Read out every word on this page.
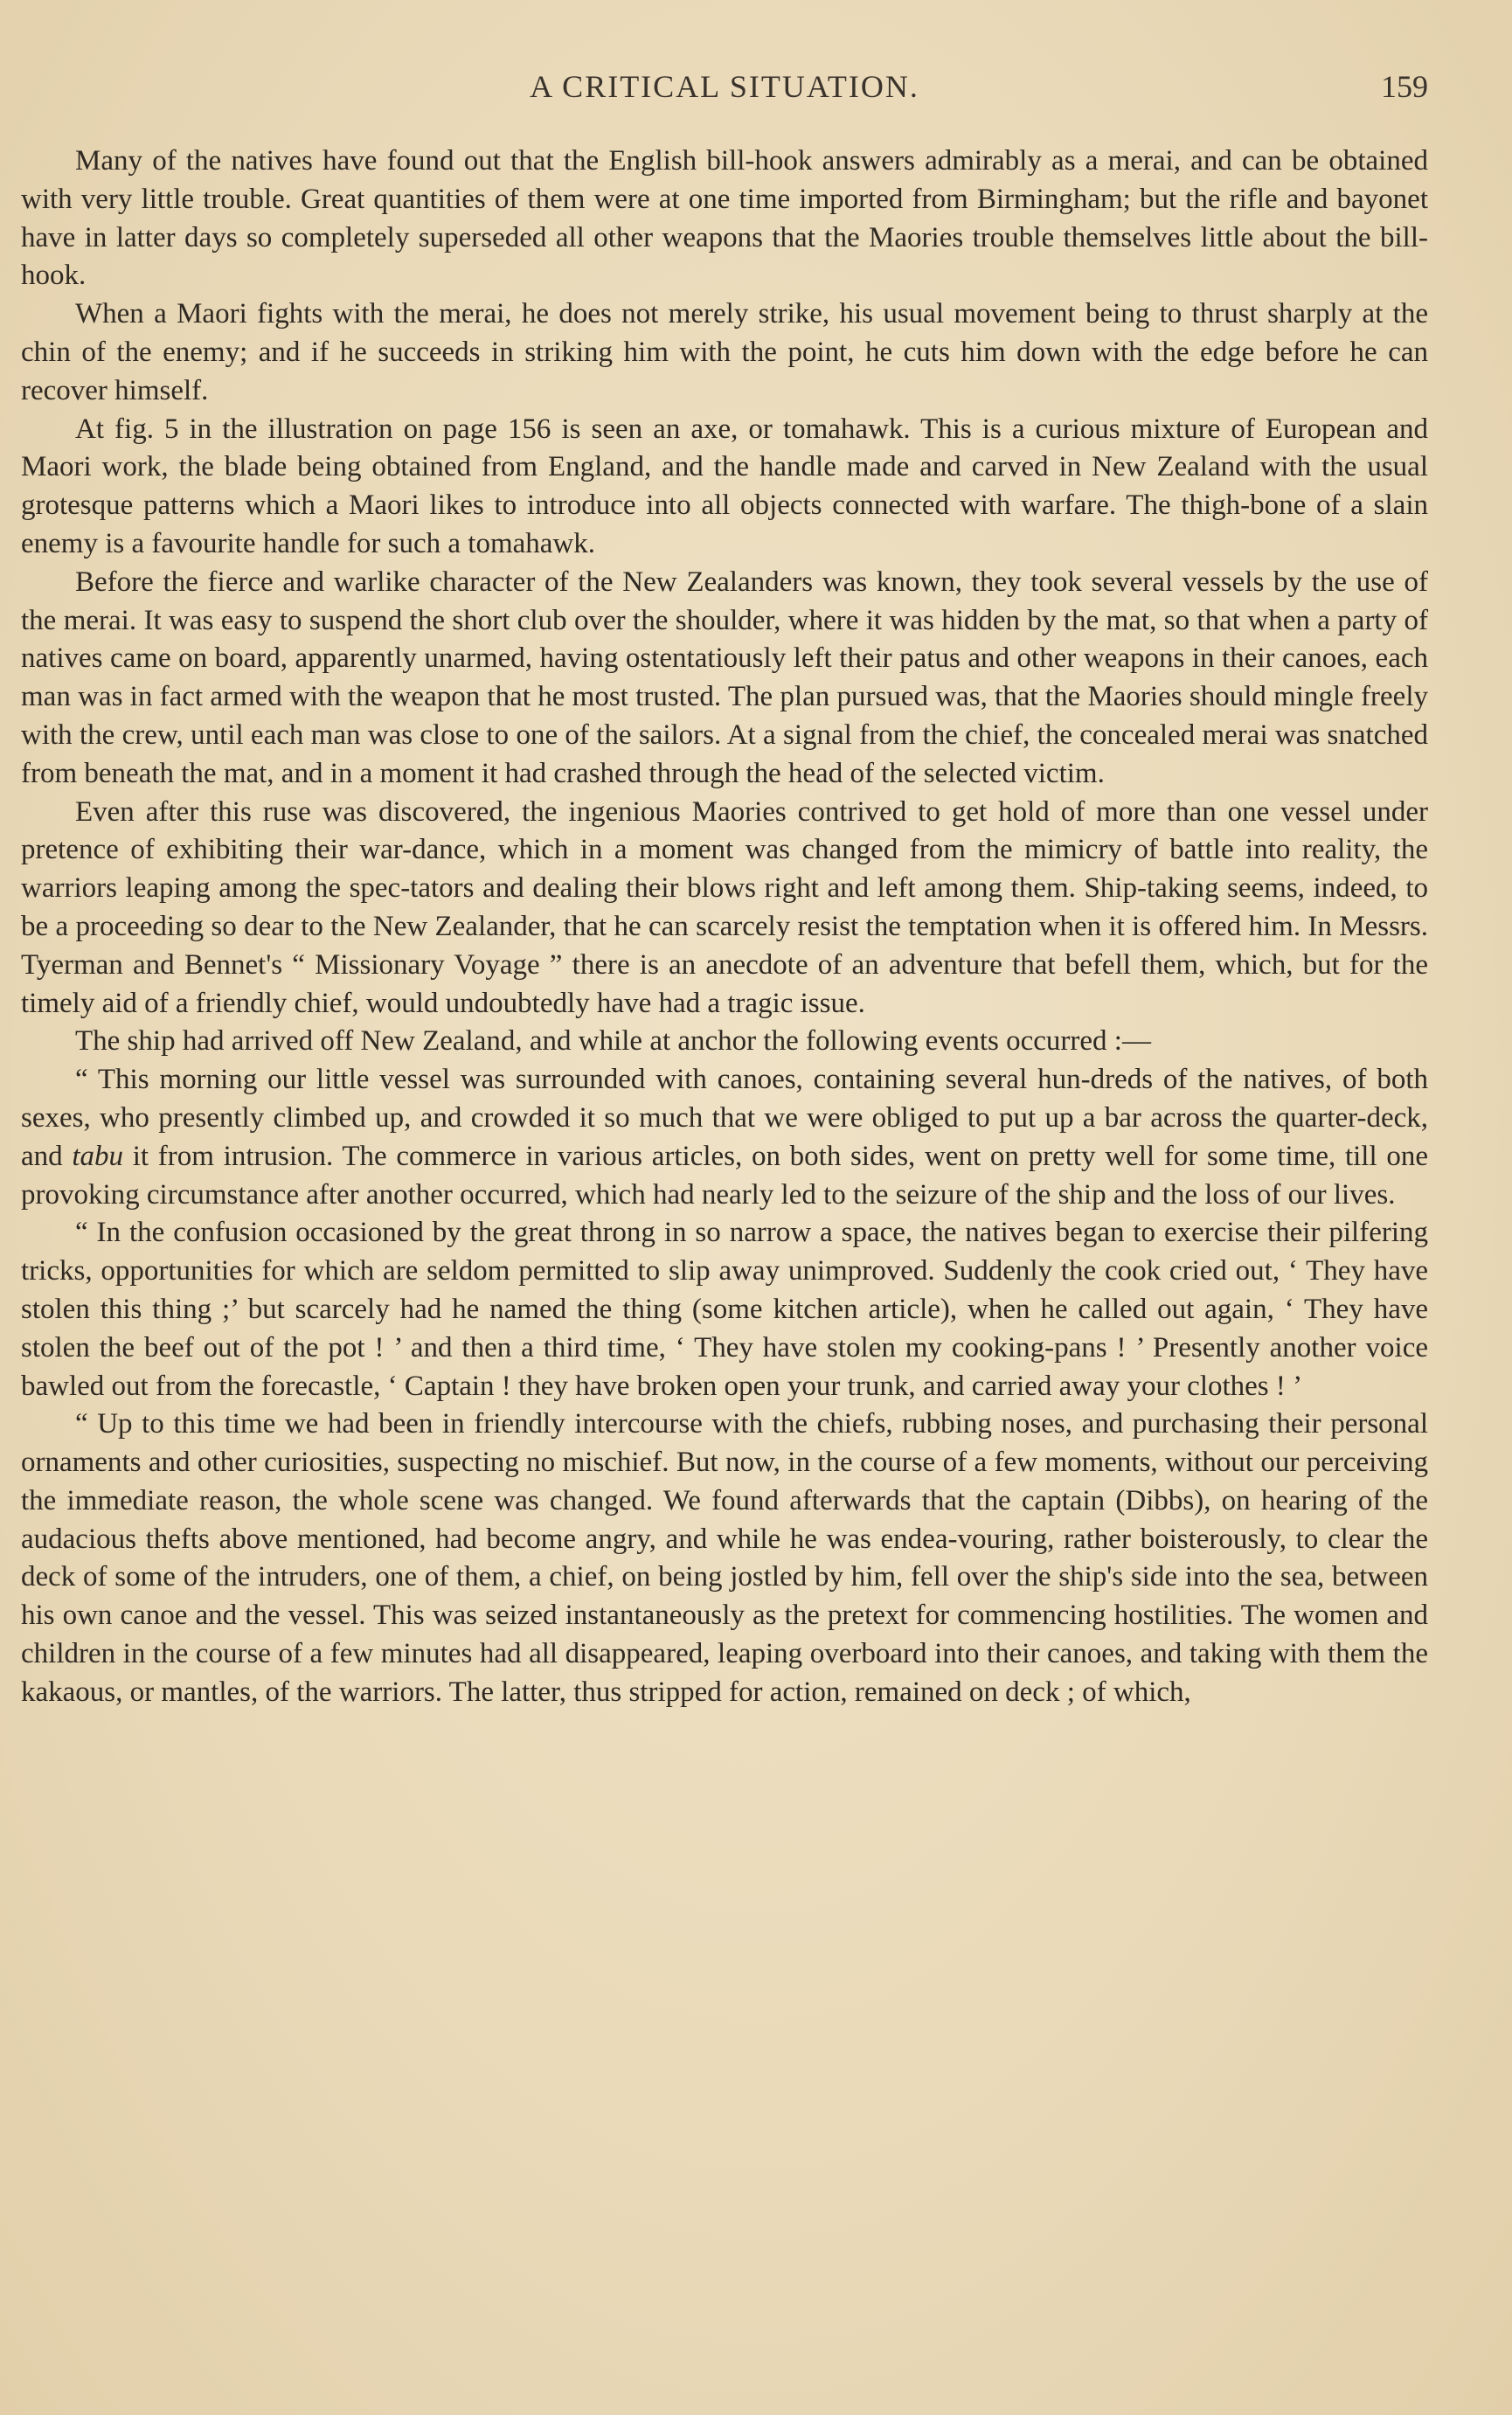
A CRITICAL SITUATION.	159

Many of the natives have found out that the English bill-hook answers admirably as a merai, and can be obtained with very little trouble. Great quantities of them were at one time imported from Birmingham; but the rifle and bayonet have in latter days so completely superseded all other weapons that the Maories trouble themselves little about the bill-hook.

When a Maori fights with the merai, he does not merely strike, his usual movement being to thrust sharply at the chin of the enemy; and if he succeeds in striking him with the point, he cuts him down with the edge before he can recover himself.

At fig. 5 in the illustration on page 156 is seen an axe, or tomahawk. This is a curious mixture of European and Maori work, the blade being obtained from England, and the handle made and carved in New Zealand with the usual grotesque patterns which a Maori likes to introduce into all objects connected with warfare. The thigh-bone of a slain enemy is a favourite handle for such a tomahawk.

Before the fierce and warlike character of the New Zealanders was known, they took several vessels by the use of the merai. It was easy to suspend the short club over the shoulder, where it was hidden by the mat, so that when a party of natives came on board, apparently unarmed, having ostentatiously left their patus and other weapons in their canoes, each man was in fact armed with the weapon that he most trusted. The plan pursued was, that the Maories should mingle freely with the crew, until each man was close to one of the sailors. At a signal from the chief, the concealed merai was snatched from beneath the mat, and in a moment it had crashed through the head of the selected victim.

Even after this ruse was discovered, the ingenious Maories contrived to get hold of more than one vessel under pretence of exhibiting their war-dance, which in a moment was changed from the mimicry of battle into reality, the warriors leaping among the spec-tators and dealing their blows right and left among them. Ship-taking seems, indeed, to be a proceeding so dear to the New Zealander, that he can scarcely resist the temptation when it is offered him. In Messrs. Tyerman and Bennet's “ Missionary Voyage ” there is an anecdote of an adventure that befell them, which, but for the timely aid of a friendly chief, would undoubtedly have had a tragic issue.

The ship had arrived off New Zealand, and while at anchor the following events occurred :—

“ This morning our little vessel was surrounded with canoes, containing several hun-dreds of the natives, of both sexes, who presently climbed up, and crowded it so much that we were obliged to put up a bar across the quarter-deck, and tabu it from intrusion. The commerce in various articles, on both sides, went on pretty well for some time, till one provoking circumstance after another occurred, which had nearly led to the seizure of the ship and the loss of our lives.

“ In the confusion occasioned by the great throng in so narrow a space, the natives began to exercise their pilfering tricks, opportunities for which are seldom permitted to slip away unimproved. Suddenly the cook cried out, ‘ They have stolen this thing ;’ but scarcely had he named the thing (some kitchen article), when he called out again, ‘ They have stolen the beef out of the pot ! ’ and then a third time, ‘ They have stolen my cooking-pans ! ’ Presently another voice bawled out from the forecastle, ‘ Captain ! they have broken open your trunk, and carried away your clothes ! ’

“ Up to this time we had been in friendly intercourse with the chiefs, rubbing noses, and purchasing their personal ornaments and other curiosities, suspecting no mischief. But now, in the course of a few moments, without our perceiving the immediate reason, the whole scene was changed. We found afterwards that the captain (Dibbs), on hearing of the audacious thefts above mentioned, had become angry, and while he was endea-vouring, rather boisterously, to clear the deck of some of the intruders, one of them, a chief, on being jostled by him, fell over the ship's side into the sea, between his own canoe and the vessel. This was seized instantaneously as the pretext for commencing hostilities. The women and children in the course of a few minutes had all disappeared, leaping overboard into their canoes, and taking with them the kakaous, or mantles, of the warriors. The latter, thus stripped for action, remained on deck ; of which,
